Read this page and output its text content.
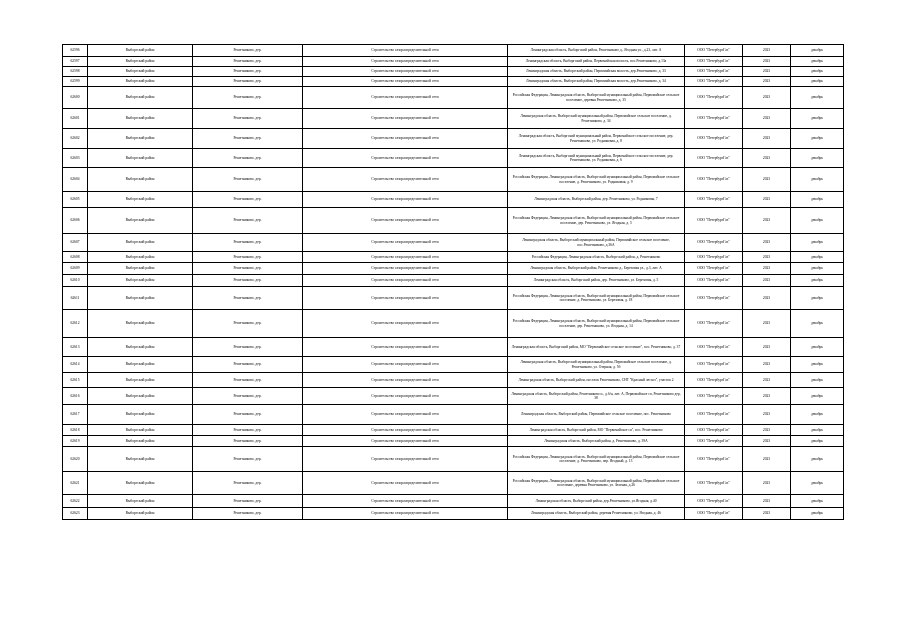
62596	Выборгский район	Решетниково, дер.	Строительство газораспределительной сети	Ленинградская область, Выборгский район, Решетниково д., Ягодная ул., д.23, лит. А	ООО "ПетербургГаз"	2023	декабрь
62597	Выборгский район	Решетниково, дер.	Строительство газораспределительной сети	Ленинградская область, Выборгский район, Первомайская волость, пос.Решетниково, д.13а	ООО "ПетербургГаз"	2023	декабрь
62598	Выборгский район	Решетниково, дер.	Строительство газораспределительной сети	Ленинградская область, Выборгский район, Первомайская волость, дер.Решетниково, д. 33	ООО "ПетербургГаз"	2023	декабрь
62599	Выборгский район	Решетниково, дер.	Строительство газораспределительной сети	Ленинградская область, Выборгский район, Первомайская волость, дер.Решетниково, д. 34	ООО "ПетербургГаз"	2023	декабрь
62600	Выборгский район	Решетниково, дер.	Строительство газораспределительной сети	Российская Федерация, Ленинградская область, Выборгский муниципальный район, Первомайское сельское поселение, деревня Решетниково, д. 35	ООО "ПетербургГаз"	2023	декабрь
62601	Выборгский район	Решетниково, дер.	Строительство газораспределительной сети	Ленинградская область, Выборгский муниципальный район, Первомайское сельское поселение, д. Решетниково, д. 34	ООО "ПетербургГаз"	2023	декабрь
62602	Выборгский район	Решетниково, дер.	Строительство газораспределительной сети	Ленинградская область, Выборгский муниципальный район, Первомайское сельское поселение, дер. Решетниково, ул. Родниковая, д. 8	ООО "ПетербургГаз"	2023	декабрь
62603	Выборгский район	Решетниково, дер.	Строительство газораспределительной сети	Ленинградская область, Выборгский муниципальный район, Первомайское сельское поселение, дер. Решетниково, ул. Родниковая, д. 6	ООО "ПетербургГаз"	2023	декабрь
62604	Выборгский район	Решетниково, дер.	Строительство газораспределительной сети	Российская Федерация, Ленинградская область, Выборгский муниципальный район, Первомайское сельское поселение, д. Решетниково, ул. Родниковая, д. 9	ООО "ПетербургГаз"	2023	декабрь
62605	Выборгский район	Решетниково, дер.	Строительство газораспределительной сети	Ленинградская область, Выборгский район, дер. Решетниково, ул. Родниковая, 7	ООО "ПетербургГаз"	2023	декабрь
62606	Выборгский район	Решетниково, дер.	Строительство газораспределительной сети	Российская Федерация, Ленинградская область, Выборгский муниципальный район, Первомайское сельское поселение, дер. Решетниково, ул. Ягодная, д. 5	ООО "ПетербургГаз"	2023	декабрь
62607	Выборгский район	Решетниково, дер.	Строительство газораспределительной сети	Ленинградская область, Выборгский муниципальный район, Первомайское сельское поселение, пос.Решетниково, д.36А	ООО "ПетербургГаз"	2023	декабрь
62608	Выборгский район	Решетниково, дер.	Строительство газораспределительной сети	Российская Федерация, Ленинградская область, Выборгский район, д. Решетниково	ООО "ПетербургГаз"	2023	декабрь
62609	Выборгский район	Решетниково, дер.	Строительство газораспределительной сети	Ленинградская область, Выборгский район, Решетниково д., Березовая ул., д.3, лит. А	ООО "ПетербургГаз"	2023	декабрь
62610	Выборгский район	Решетниково, дер.	Строительство газораспределительной сети	Ленинградская область, Выборгский район, дер. Решетниково, ул. Березовая, д. 5	ООО "ПетербургГаз"	2023	декабрь
62611	Выборгский район	Решетниково, дер.	Строительство газораспределительной сети	Российская Федерация, Ленинградская область, Выборгский муниципальный район, Первомайское сельское поселение, д. Решетниково, ул. Березовая, д. 18	ООО "ПетербургГаз"	2023	декабрь
62612	Выборгский район	Решетниково, дер.	Строительство газораспределительной сети	Российская Федерация, Ленинградская область, Выборгский муниципальный район, Первомайское сельское поселение, дер. Решетниково, ул. Ягодная, д. 14	ООО "ПетербургГаз"	2023	декабрь
62613	Выборгский район	Решетниково, дер.	Строительство газораспределительной сети	Ленинградская область, Выборгский район, МО "Первомайское сельское поселение", пос. Решетниково, д. 37	ООО "ПетербургГаз"	2023	декабрь
62614	Выборгский район	Решетниково, дер.	Строительство газораспределительной сети	Ленинградская область, Выборгский муниципальный район, Первомайское сельское поселение, д. Решетниково, ул. Озерная, д. 5б	ООО "ПетербургГаз"	2023	декабрь
62615	Выборгский район	Решетниково, дер.	Строительство газораспределительной сети	Ленинградская область, Выборгский район, поселок Решетниково, СНТ "Красный лесхоз", участок 2	ООО "ПетербургГаз"	2023	декабрь
62616	Выборгский район	Решетниково, дер.	Строительство газораспределительной сети	Ленинградская область, Выборгский район, Решетниково п., д.б/н, лит. А, Первомайское сп, Решетниково дер, 38	ООО "ПетербургГаз"	2023	декабрь
62617	Выборгский район	Решетниково, дер.	Строительство газораспределительной сети	Ленинградская область, Выборгский район, Первомайское сельское поселение, пос. Решетниково	ООО "ПетербургГаз"	2023	декабрь
62618	Выборгский район	Решетниково, дер.	Строительство газораспределительной сети	Ленинградская область, Выборгский район, МО "Первомайское сп", пос. Решетниково	ООО "ПетербургГаз"	2023	декабрь
62619	Выборгский район	Решетниково, дер.	Строительство газораспределительной сети	Ленинградская область, Выборгский район, д. Решетниково, д. 39А	ООО "ПетербургГаз"	2023	декабрь
62620	Выборгский район	Решетниково, дер.	Строительство газораспределительной сети	Российская Федерация, Ленинградская область, Выборгский муниципальный район, Первомайское сельское поселение, д. Решетниково, пер. Ягодный, д. 13	ООО "ПетербургГаз"	2023	декабрь
62621	Выборгский район	Решетниково, дер.	Строительство газораспределительной сети	Российская Федерация, Ленинградская область, Выборгский муниципальный район, Первомайское сельское поселение, деревня Решетниково, ул. Зеленая, д.26	ООО "ПетербургГаз"	2023	декабрь
62622	Выборгский район	Решетниково, дер.	Строительство газораспределительной сети	Ленинградская область, Выборгский район, дер.Решетниково, ул.Ягодная, д.40	ООО "ПетербургГаз"	2023	декабрь
62623	Выборгский район	Решетниково, дер.	Строительство газораспределительной сети	Ленинградская область, Выборгский район, деревня Решетниково, ул. Ягодная, д. 46	ООО "ПетербургГаз"	2023	декабрь
